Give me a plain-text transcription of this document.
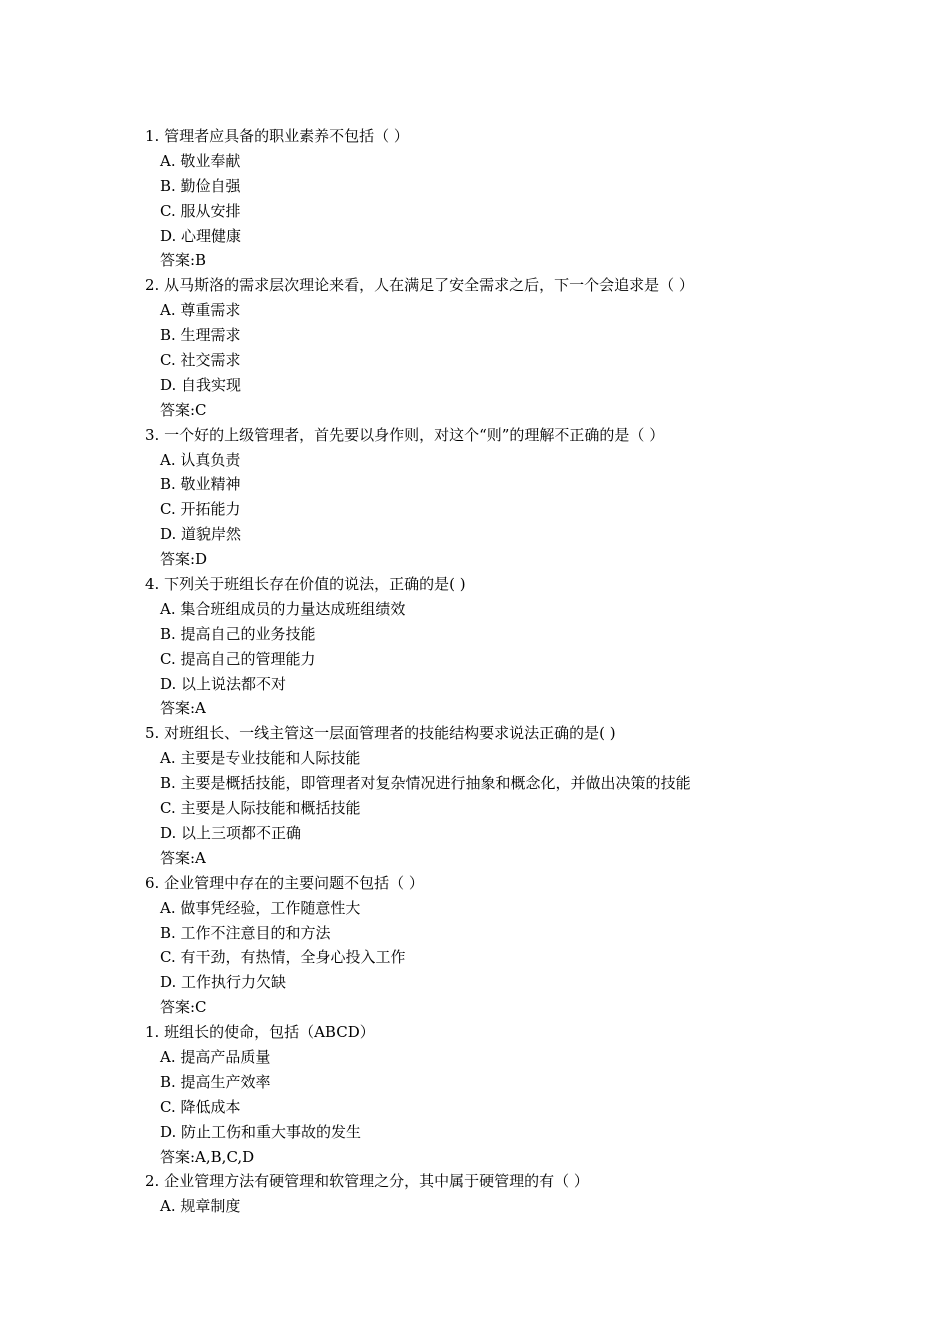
1. 管理者应具备的职业素养不包括（ ）
A. 敬业奉献
B. 勤俭自强
C. 服从安排
D. 心理健康
答案:B
2. 从马斯洛的需求层次理论来看，人在满足了安全需求之后，下一个会追求是（ ）
A. 尊重需求
B. 生理需求
C. 社交需求
D. 自我实现
答案:C
3. 一个好的上级管理者，首先要以身作则，对这个“则”的理解不正确的是（ ）
A. 认真负责
B. 敬业精神
C. 开拓能力
D. 道貌岸然
答案:D
4. 下列关于班组长存在价值的说法，正确的是( )
A. 集合班组成员的力量达成班组绩效
B. 提高自己的业务技能
C. 提高自己的管理能力
D. 以上说法都不对
答案:A
5. 对班组长、一线主管这一层面管理者的技能结构要求说法正确的是( )
A. 主要是专业技能和人际技能
B. 主要是概括技能，即管理者对复杂情况进行抽象和概念化，并做出决策的技能
C. 主要是人际技能和概括技能
D. 以上三项都不正确
答案:A
6. 企业管理中存在的主要问题不包括（ ）
A. 做事凭经验，工作随意性大
B. 工作不注意目的和方法
C. 有干劲，有热情，全身心投入工作
D. 工作执行力欠缺
答案:C
1. 班组长的使命，包括（ABCD）
A. 提高产品质量
B. 提高生产效率
C. 降低成本
D. 防止工伤和重大事故的发生
答案:A,B,C,D
2. 企业管理方法有硬管理和软管理之分，其中属于硬管理的有（ ）
A. 规章制度
